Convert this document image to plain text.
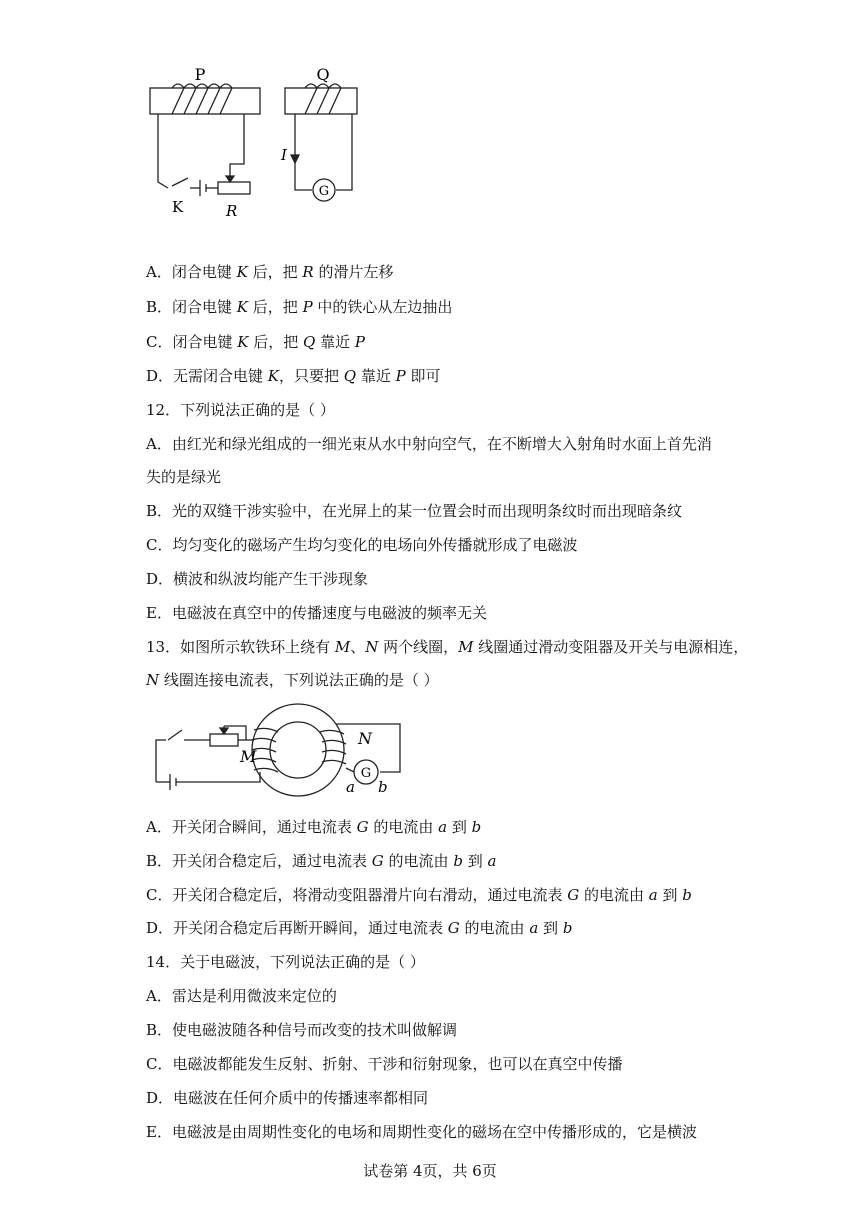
P	Q
I
K	R
G
A．闭合电键 K 后，把 R 的滑片左移
B．闭合电键 K 后，把 P 中的铁心从左边抽出
C．闭合电键 K 后，把 Q 靠近 P
D．无需闭合电键 K，只要把 Q 靠近 P 即可
12．下列说法正确的是（ ）
A．由红光和绿光组成的一细光束从水中射向空气，在不断增大入射角时水面上首先消
失的是绿光
B．光的双缝干涉实验中，在光屏上的某一位置会时而出现明条纹时而出现暗条纹
C．均匀变化的磁场产生均匀变化的电场向外传播就形成了电磁波
D．横波和纵波均能产生干涉现象
E．电磁波在真空中的传播速度与电磁波的频率无关
13．如图所示软铁环上绕有 M、N 两个线圈，M 线圈通过滑动变阻器及开关与电源相连，
N 线圈连接电流表，下列说法正确的是（ ）
M
N
G
a b
A．开关闭合瞬间，通过电流表 G 的电流由 a 到 b
B．开关闭合稳定后，通过电流表 G 的电流由 b 到 a
C．开关闭合稳定后，将滑动变阻器滑片向右滑动，通过电流表 G 的电流由 a 到 b
D．开关闭合稳定后再断开瞬间，通过电流表 G 的电流由 a 到 b
14．关于电磁波，下列说法正确的是（ ）
A．雷达是利用微波来定位的
B．使电磁波随各种信号而改变的技术叫做解调
C．电磁波都能发生反射、折射、干涉和衍射现象，也可以在真空中传播
D．电磁波在任何介质中的传播速率都相同
E．电磁波是由周期性变化的电场和周期性变化的磁场在空中传播形成的，它是横波
试卷第 4页，共 6页
